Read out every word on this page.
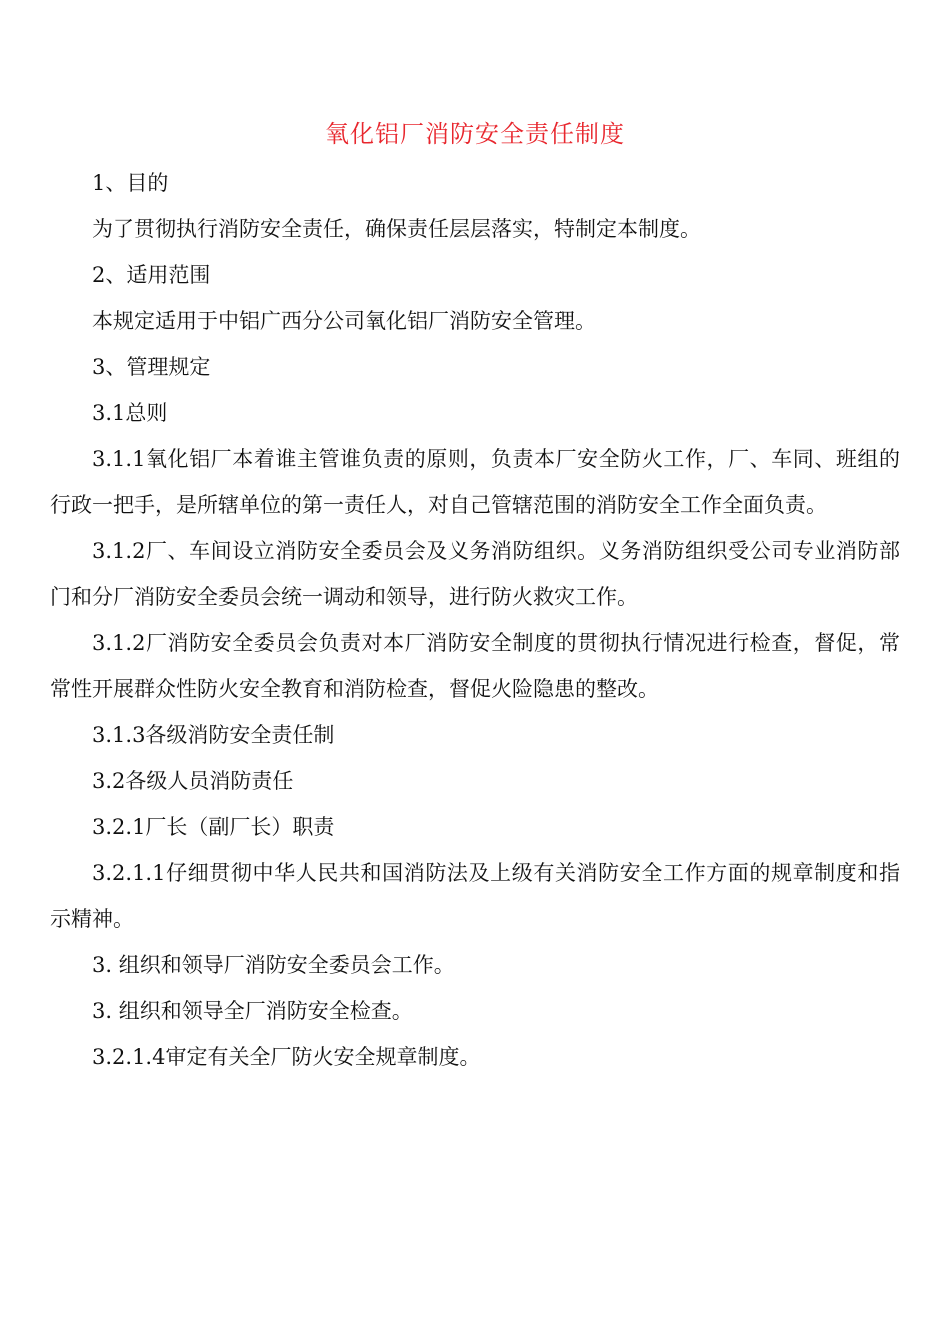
氧化铝厂消防安全责任制度

1、目的

为了贯彻执行消防安全责任，确保责任层层落实，特制定本制度。

2、适用范围

本规定适用于中铝广西分公司氧化铝厂消防安全管理。

3、管理规定

3.1总则

3.1.1氧化铝厂本着谁主管谁负责的原则，负责本厂安全防火工作，厂、车同、班组的行政一把手，是所辖单位的第一责任人，对自己管辖范围的消防安全工作全面负责。

3.1.2厂、车间设立消防安全委员会及义务消防组织。义务消防组织受公司专业消防部门和分厂消防安全委员会统一调动和领导，进行防火救灾工作。

3.1.2厂消防安全委员会负责对本厂消防安全制度的贯彻执行情况进行检查，督促，常常性开展群众性防火安全教育和消防检查，督促火险隐患的整改。

3.1.3各级消防安全责任制

3.2各级人员消防责任

3.2.1厂长（副厂长）职责

3.2.1.1仔细贯彻中华人民共和国消防法及上级有关消防安全工作方面的规章制度和指示精神。

3. 组织和领导厂消防安全委员会工作。

3. 组织和领导全厂消防安全检查。

3.2.1.4审定有关全厂防火安全规章制度。
